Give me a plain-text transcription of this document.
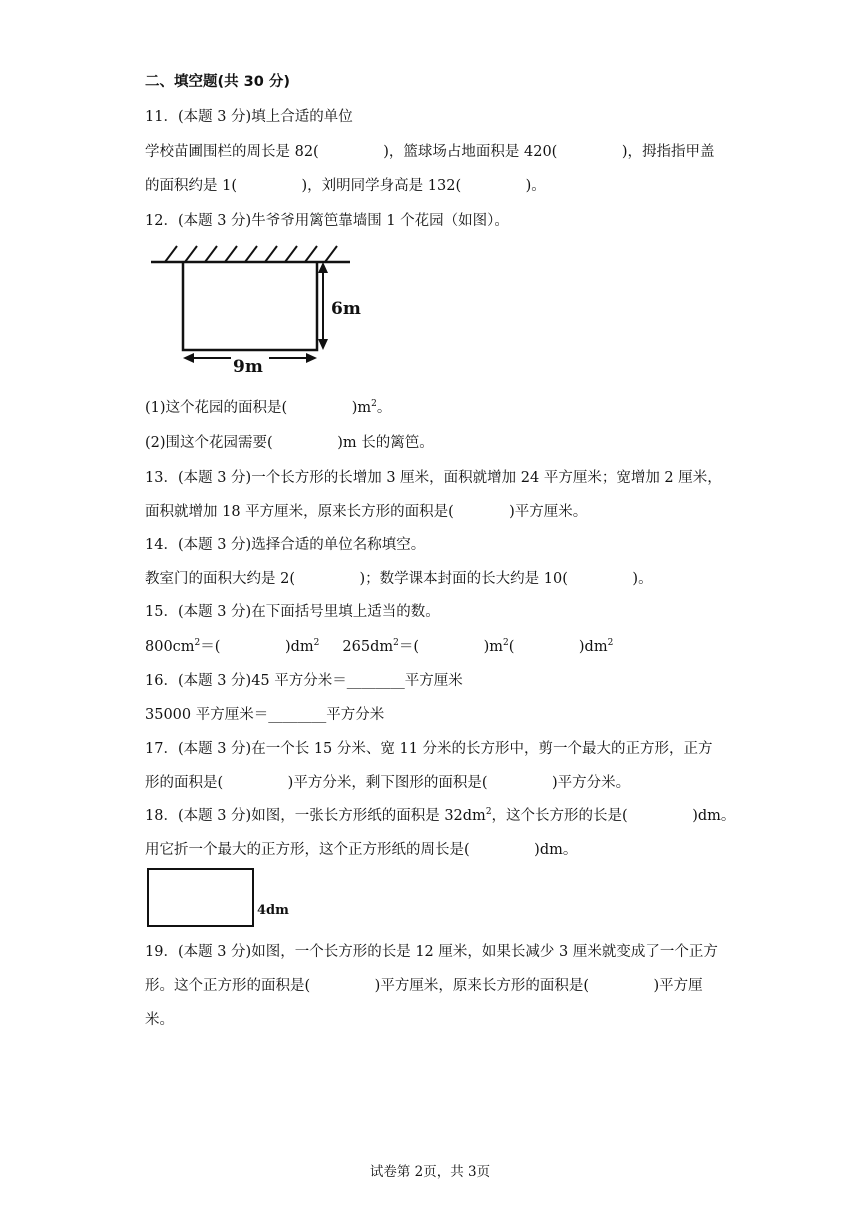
二、填空题(共 30 分)
11．(本题 3 分)填上合适的单位
学校苗圃围栏的周长是 82(              )，篮球场占地面积是 420(              )，拇指指甲盖
的面积约是 1(              )，刘明同学身高是 132(              )。
12．(本题 3 分)牛爷爷用篱笆靠墙围 1 个花园（如图）。
6m
9m
(1)这个花园的面积是(              )$m^2$。
(2)围这个花园需要(              )m 长的篱笆。
13．(本题 3 分)一个长方形的长增加 3 厘米，面积就增加 24 平方厘米；宽增加 2 厘米，
面积就增加 18 平方厘米，原来长方形的面积是(            )平方厘米。
14．(本题 3 分)选择合适的单位名称填空。
教室门的面积大约是 2(              )；数学课本封面的长大约是 10(              )。
15．(本题 3 分)在下面括号里填上适当的数。
$800cm^2=$(              )$dm^2$     $265dm^2=$(              )$m^2$(              )$dm^2$
16．(本题 3 分)45 平方分米＝________平方厘米
35000 平方厘米＝________平方分米
17．(本题 3 分)在一个长 15 分米、宽 11 分米的长方形中，剪一个最大的正方形，正方
形的面积是(              )平方分米，剩下图形的面积是(              )平方分米。
18．(本题 3 分)如图，一张长方形纸的面积是 $32dm^2$，这个长方形的长是(              )dm。
用它折一个最大的正方形，这个正方形纸的周长是(              )dm。
4dm
19．(本题 3 分)如图，一个长方形的长是 12 厘米，如果长减少 3 厘米就变成了一个正方
形。这个正方形的面积是(              )平方厘米，原来长方形的面积是(              )平方厘
米。
试卷第 2页，共 3页
